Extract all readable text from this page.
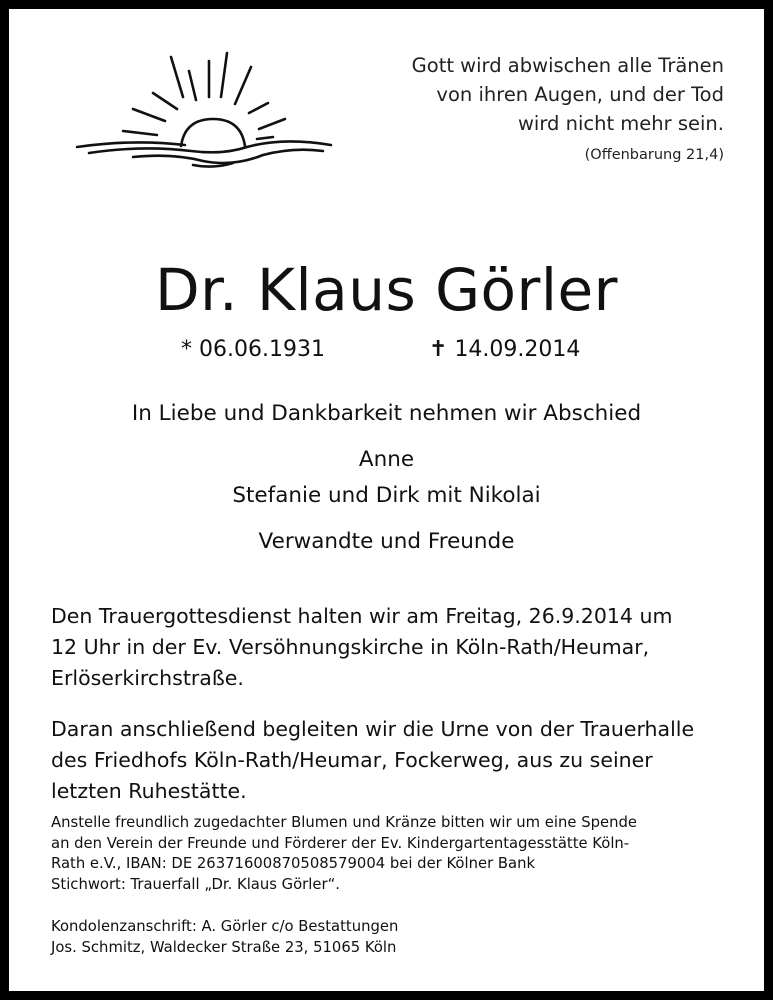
Gott wird abwischen alle Tränen
von ihren Augen, und der Tod
wird nicht mehr sein.
(Offenbarung 21,4)
Dr. Klaus Görler
* 06.06.1931	✝ 14.09.2014
In Liebe und Dankbarkeit nehmen wir Abschied
Anne
Stefanie und Dirk mit Nikolai
Verwandte und Freunde
Den Trauergottesdienst halten wir am Freitag, 26.9.2014 um
12 Uhr in der Ev. Versöhnungskirche in Köln-Rath/Heumar,
Erlöserkirchstraße.
Daran anschließend begleiten wir die Urne von der Trauerhalle
des Friedhofs Köln-Rath/Heumar, Fockerweg, aus zu seiner
letzten Ruhestätte.
Anstelle freundlich zugedachter Blumen und Kränze bitten wir um eine Spende
an den Verein der Freunde und Förderer der Ev. Kindergartentagesstätte Köln-
Rath e.V., IBAN: DE 26371600870508579004 bei der Kölner Bank
Stichwort: Trauerfall „Dr. Klaus Görler“.
Kondolenzanschrift: A. Görler c/o Bestattungen
Jos. Schmitz, Waldecker Straße 23, 51065 Köln
